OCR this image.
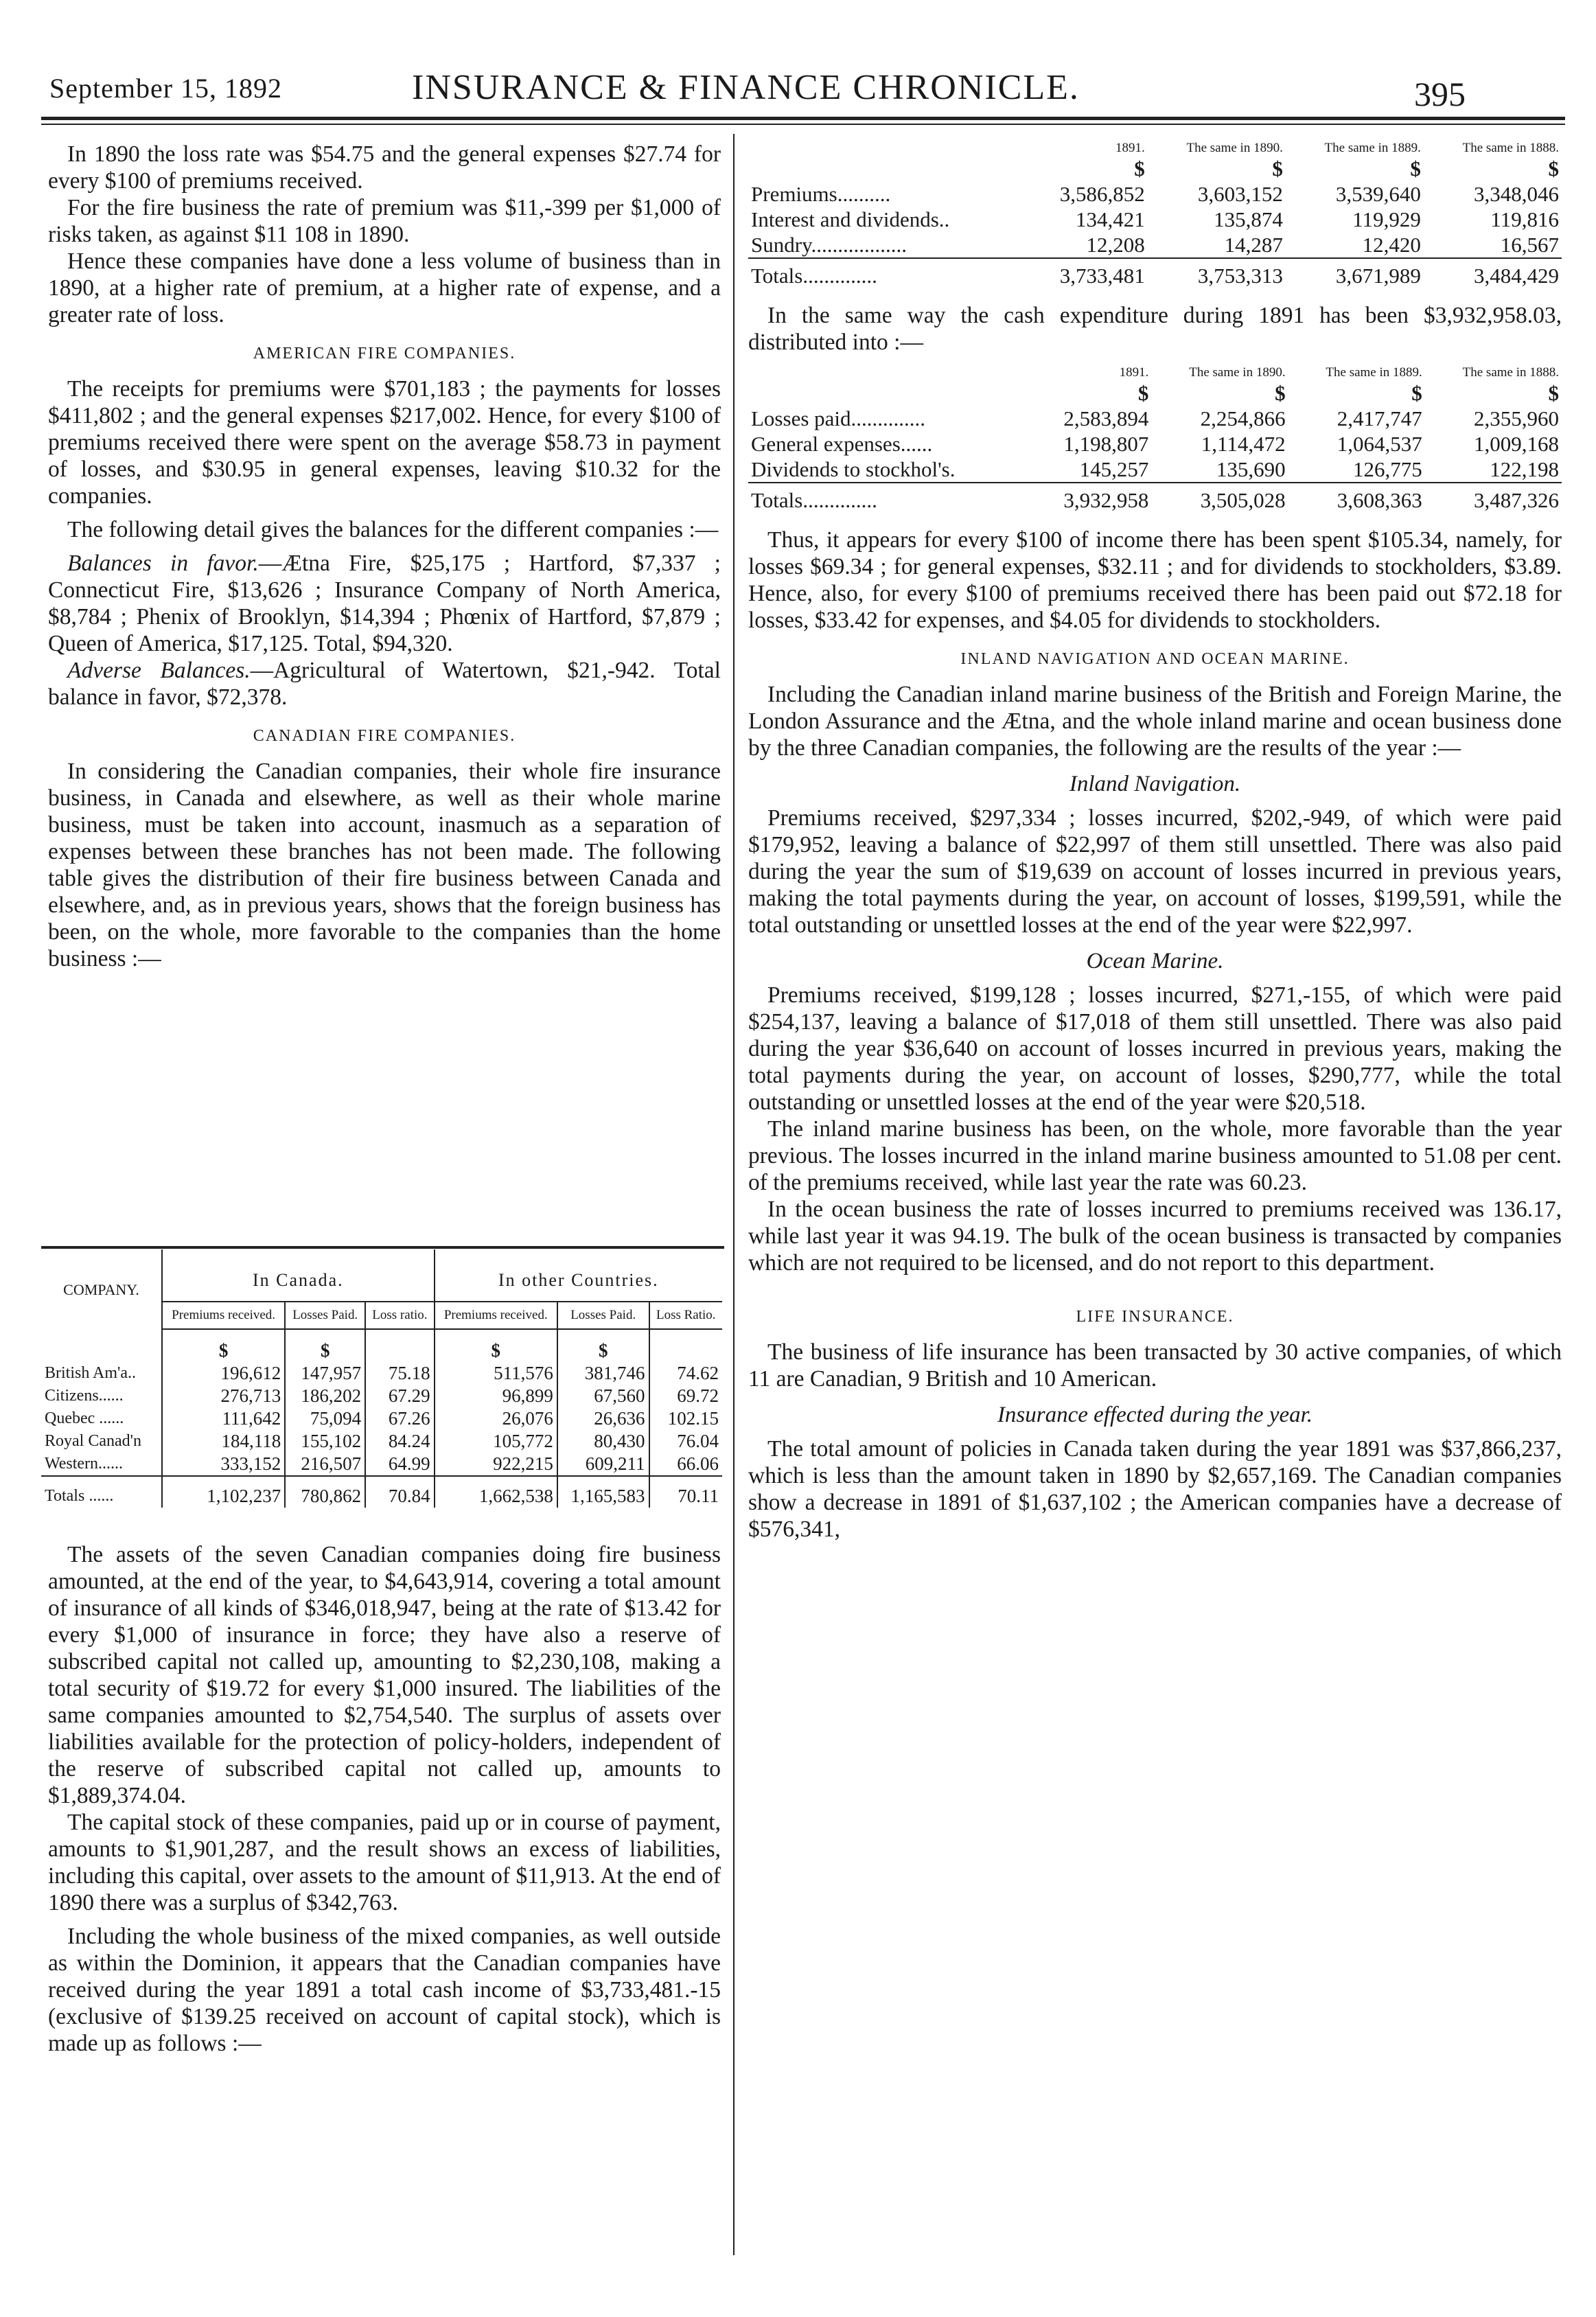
September 15, 1892	INSURANCE & FINANCE CHRONICLE.	395

In 1890 the loss rate was $54.75 and the general expenses $27.74 for every $100 of premiums received.

For the fire business the rate of premium was $11,-399 per $1,000 of risks taken, as against $11 108 in 1890.

Hence these companies have done a less volume of business than in 1890, at a higher rate of premium, at a higher rate of expense, and a greater rate of loss.

AMERICAN FIRE COMPANIES.

The receipts for premiums were $701,183 ; the payments for losses $411,802 ; and the general expenses $217,002. Hence, for every $100 of premiums received there were spent on the average $58.73 in payment of losses, and $30.95 in general expenses, leaving $10.32 for the companies.

The following detail gives the balances for the different companies :—

Balances in favor.—Ætna Fire, $25,175 ; Hartford, $7,337 ; Connecticut Fire, $13,626 ; Insurance Company of North America, $8,784 ; Phenix of Brooklyn, $14,394 ; Phœnix of Hartford, $7,879 ; Queen of America, $17,125. Total, $94,320.

Adverse Balances.—Agricultural of Watertown, $21,-942. Total balance in favor, $72,378.

CANADIAN FIRE COMPANIES.

In considering the Canadian companies, their whole fire insurance business, in Canada and elsewhere, as well as their whole marine business, must be taken into account, inasmuch as a separation of expenses between these branches has not been made. The following table gives the distribution of their fire business between Canada and elsewhere, and, as in previous years, shows that the foreign business has been, on the whole, more favorable to the companies than the home business :—

COMPANY.	In Canada.			In other Countries.		
	Premiums received.	Losses Paid.	Loss ratio.	Premiums received.	Losses Paid.	Loss Ratio.
	$	$		$	$	
British Am'a..	196,612	147,957	75.18	511,576	381,746	74.62
Citizens......	276,713	186,202	67.29	96,899	67,560	69.72
Quebec ......	111,642	75,094	67.26	26,076	26,636	102.15
Royal Canad'n	184,118	155,102	84.24	105,772	80,430	76.04
Western......	333,152	216,507	64.99	922,215	609,211	66.06
Totals ......	1,102,237	780,862	70.84	1,662,538	1,165,583	70.11

The assets of the seven Canadian companies doing fire business amounted, at the end of the year, to $4,643,914, covering a total amount of insurance of all kinds of $346,018,947, being at the rate of $13.42 for every $1,000 of insurance in force; they have also a reserve of subscribed capital not called up, amounting to $2,230,108, making a total security of $19.72 for every $1,000 insured. The liabilities of the same companies amounted to $2,754,540. The surplus of assets over liabilities available for the protection of policy-holders, independent of the reserve of subscribed capital not called up, amounts to $1,889,374.04.

The capital stock of these companies, paid up or in course of payment, amounts to $1,901,287, and the result shows an excess of liabilities, including this capital, over assets to the amount of $11,913. At the end of 1890 there was a surplus of $342,763.

Including the whole business of the mixed companies, as well outside as within the Dominion, it appears that the Canadian companies have received during the year 1891 a total cash income of $3,733,481.-15 (exclusive of $139.25 received on account of capital stock), which is made up as follows :—

	1891.	The same in 1890.	The same in 1889.	The same in 1888.
	$	$	$	$
Premiums..........	3,586,852	3,603,152	3,539,640	3,348,046
Interest and dividends..	134,421	135,874	119,929	119,816
Sundry..................	12,208	14,287	12,420	16,567
Totals..............	3,733,481	3,753,313	3,671,989	3,484,429

In the same way the cash expenditure during 1891 has been $3,932,958.03, distributed into :—

	1891.	The same in 1890.	The same in 1889.	The same in 1888.
	$	$	$	$
Losses paid..............	2,583,894	2,254,866	2,417,747	2,355,960
General expenses......	1,198,807	1,114,472	1,064,537	1,009,168
Dividends to stockhol's.	145,257	135,690	126,775	122,198
Totals..............	3,932,958	3,505,028	3,608,363	3,487,326

Thus, it appears for every $100 of income there has been spent $105.34, namely, for losses $69.34 ; for general expenses, $32.11 ; and for dividends to stockholders, $3.89. Hence, also, for every $100 of premiums received there has been paid out $72.18 for losses, $33.42 for expenses, and $4.05 for dividends to stockholders.

INLAND NAVIGATION AND OCEAN MARINE.

Including the Canadian inland marine business of the British and Foreign Marine, the London Assurance and the Ætna, and the whole inland marine and ocean business done by the three Canadian companies, the following are the results of the year :—

Inland Navigation.

Premiums received, $297,334 ; losses incurred, $202,-949, of which were paid $179,952, leaving a balance of $22,997 of them still unsettled. There was also paid during the year the sum of $19,639 on account of losses incurred in previous years, making the total payments during the year, on account of losses, $199,591, while the total outstanding or unsettled losses at the end of the year were $22,997.

Ocean Marine.

Premiums received, $199,128 ; losses incurred, $271,-155, of which were paid $254,137, leaving a balance of $17,018 of them still unsettled. There was also paid during the year $36,640 on account of losses incurred in previous years, making the total payments during the year, on account of losses, $290,777, while the total outstanding or unsettled losses at the end of the year were $20,518.

The inland marine business has been, on the whole, more favorable than the year previous. The losses incurred in the inland marine business amounted to 51.08 per cent. of the premiums received, while last year the rate was 60.23.

In the ocean business the rate of losses incurred to premiums received was 136.17, while last year it was 94.19. The bulk of the ocean business is transacted by companies which are not required to be licensed, and do not report to this department.

LIFE INSURANCE.

The business of life insurance has been transacted by 30 active companies, of which 11 are Canadian, 9 British and 10 American.

Insurance effected during the year.

The total amount of policies in Canada taken during the year 1891 was $37,866,237, which is less than the amount taken in 1890 by $2,657,169. The Canadian companies show a decrease in 1891 of $1,637,102 ; the American companies have a decrease of $576,341,
